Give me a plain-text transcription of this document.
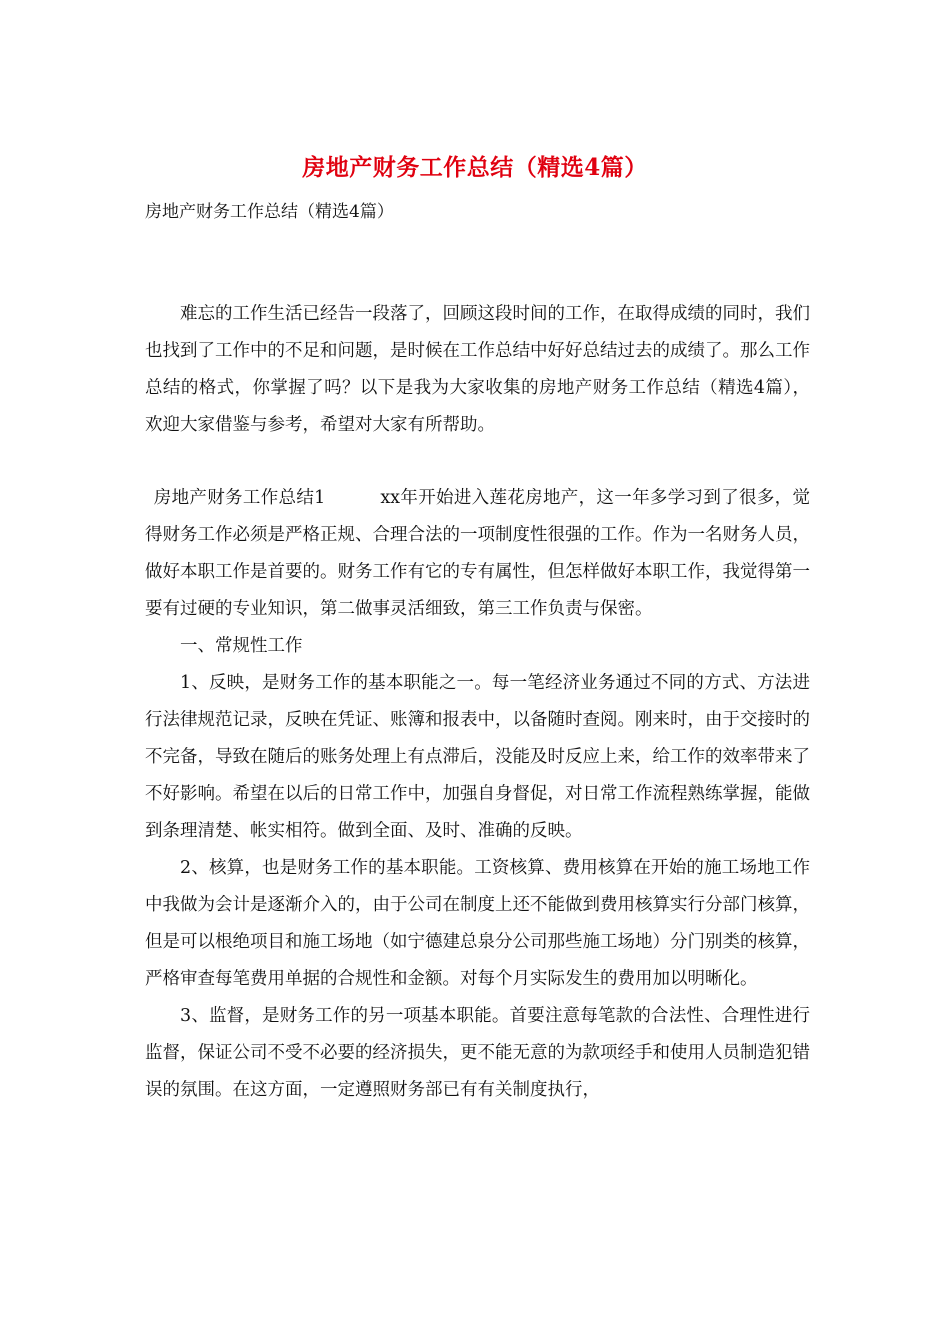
房地产财务工作总结（精选4篇）

房地产财务工作总结（精选4篇）

难忘的工作生活已经告一段落了，回顾这段时间的工作，在取得成绩的同时，我们也找到了工作中的不足和问题，是时候在工作总结中好好总结过去的成绩了。那么工作总结的格式，你掌握了吗？以下是我为大家收集的房地产财务工作总结（精选4篇），欢迎大家借鉴与参考，希望对大家有所帮助。

房地产财务工作总结1	xx年开始进入莲花房地产，这一年多学习到了很多，觉得财务工作必须是严格正规、合理合法的一项制度性很强的工作。作为一名财务人员，做好本职工作是首要的。财务工作有它的专有属性，但怎样做好本职工作，我觉得第一要有过硬的专业知识，第二做事灵活细致，第三工作负责与保密。

一、常规性工作

1、反映，是财务工作的基本职能之一。每一笔经济业务通过不同的方式、方法进行法律规范记录，反映在凭证、账簿和报表中，以备随时查阅。刚来时，由于交接时的不完备，导致在随后的账务处理上有点滞后，没能及时反应上来，给工作的效率带来了不好影响。希望在以后的日常工作中，加强自身督促，对日常工作流程熟练掌握，能做到条理清楚、帐实相符。做到全面、及时、准确的反映。

2、核算，也是财务工作的基本职能。工资核算、费用核算在开始的施工场地工作中我做为会计是逐渐介入的，由于公司在制度上还不能做到费用核算实行分部门核算，但是可以根绝项目和施工场地（如宁德建总泉分公司那些施工场地）分门别类的核算，严格审查每笔费用单据的合规性和金额。对每个月实际发生的费用加以明晰化。

3、监督，是财务工作的另一项基本职能。首要注意每笔款的合法性、合理性进行监督，保证公司不受不必要的经济损失，更不能无意的为款项经手和使用人员制造犯错误的氛围。在这方面，一定遵照财务部已有有关制度执行，
